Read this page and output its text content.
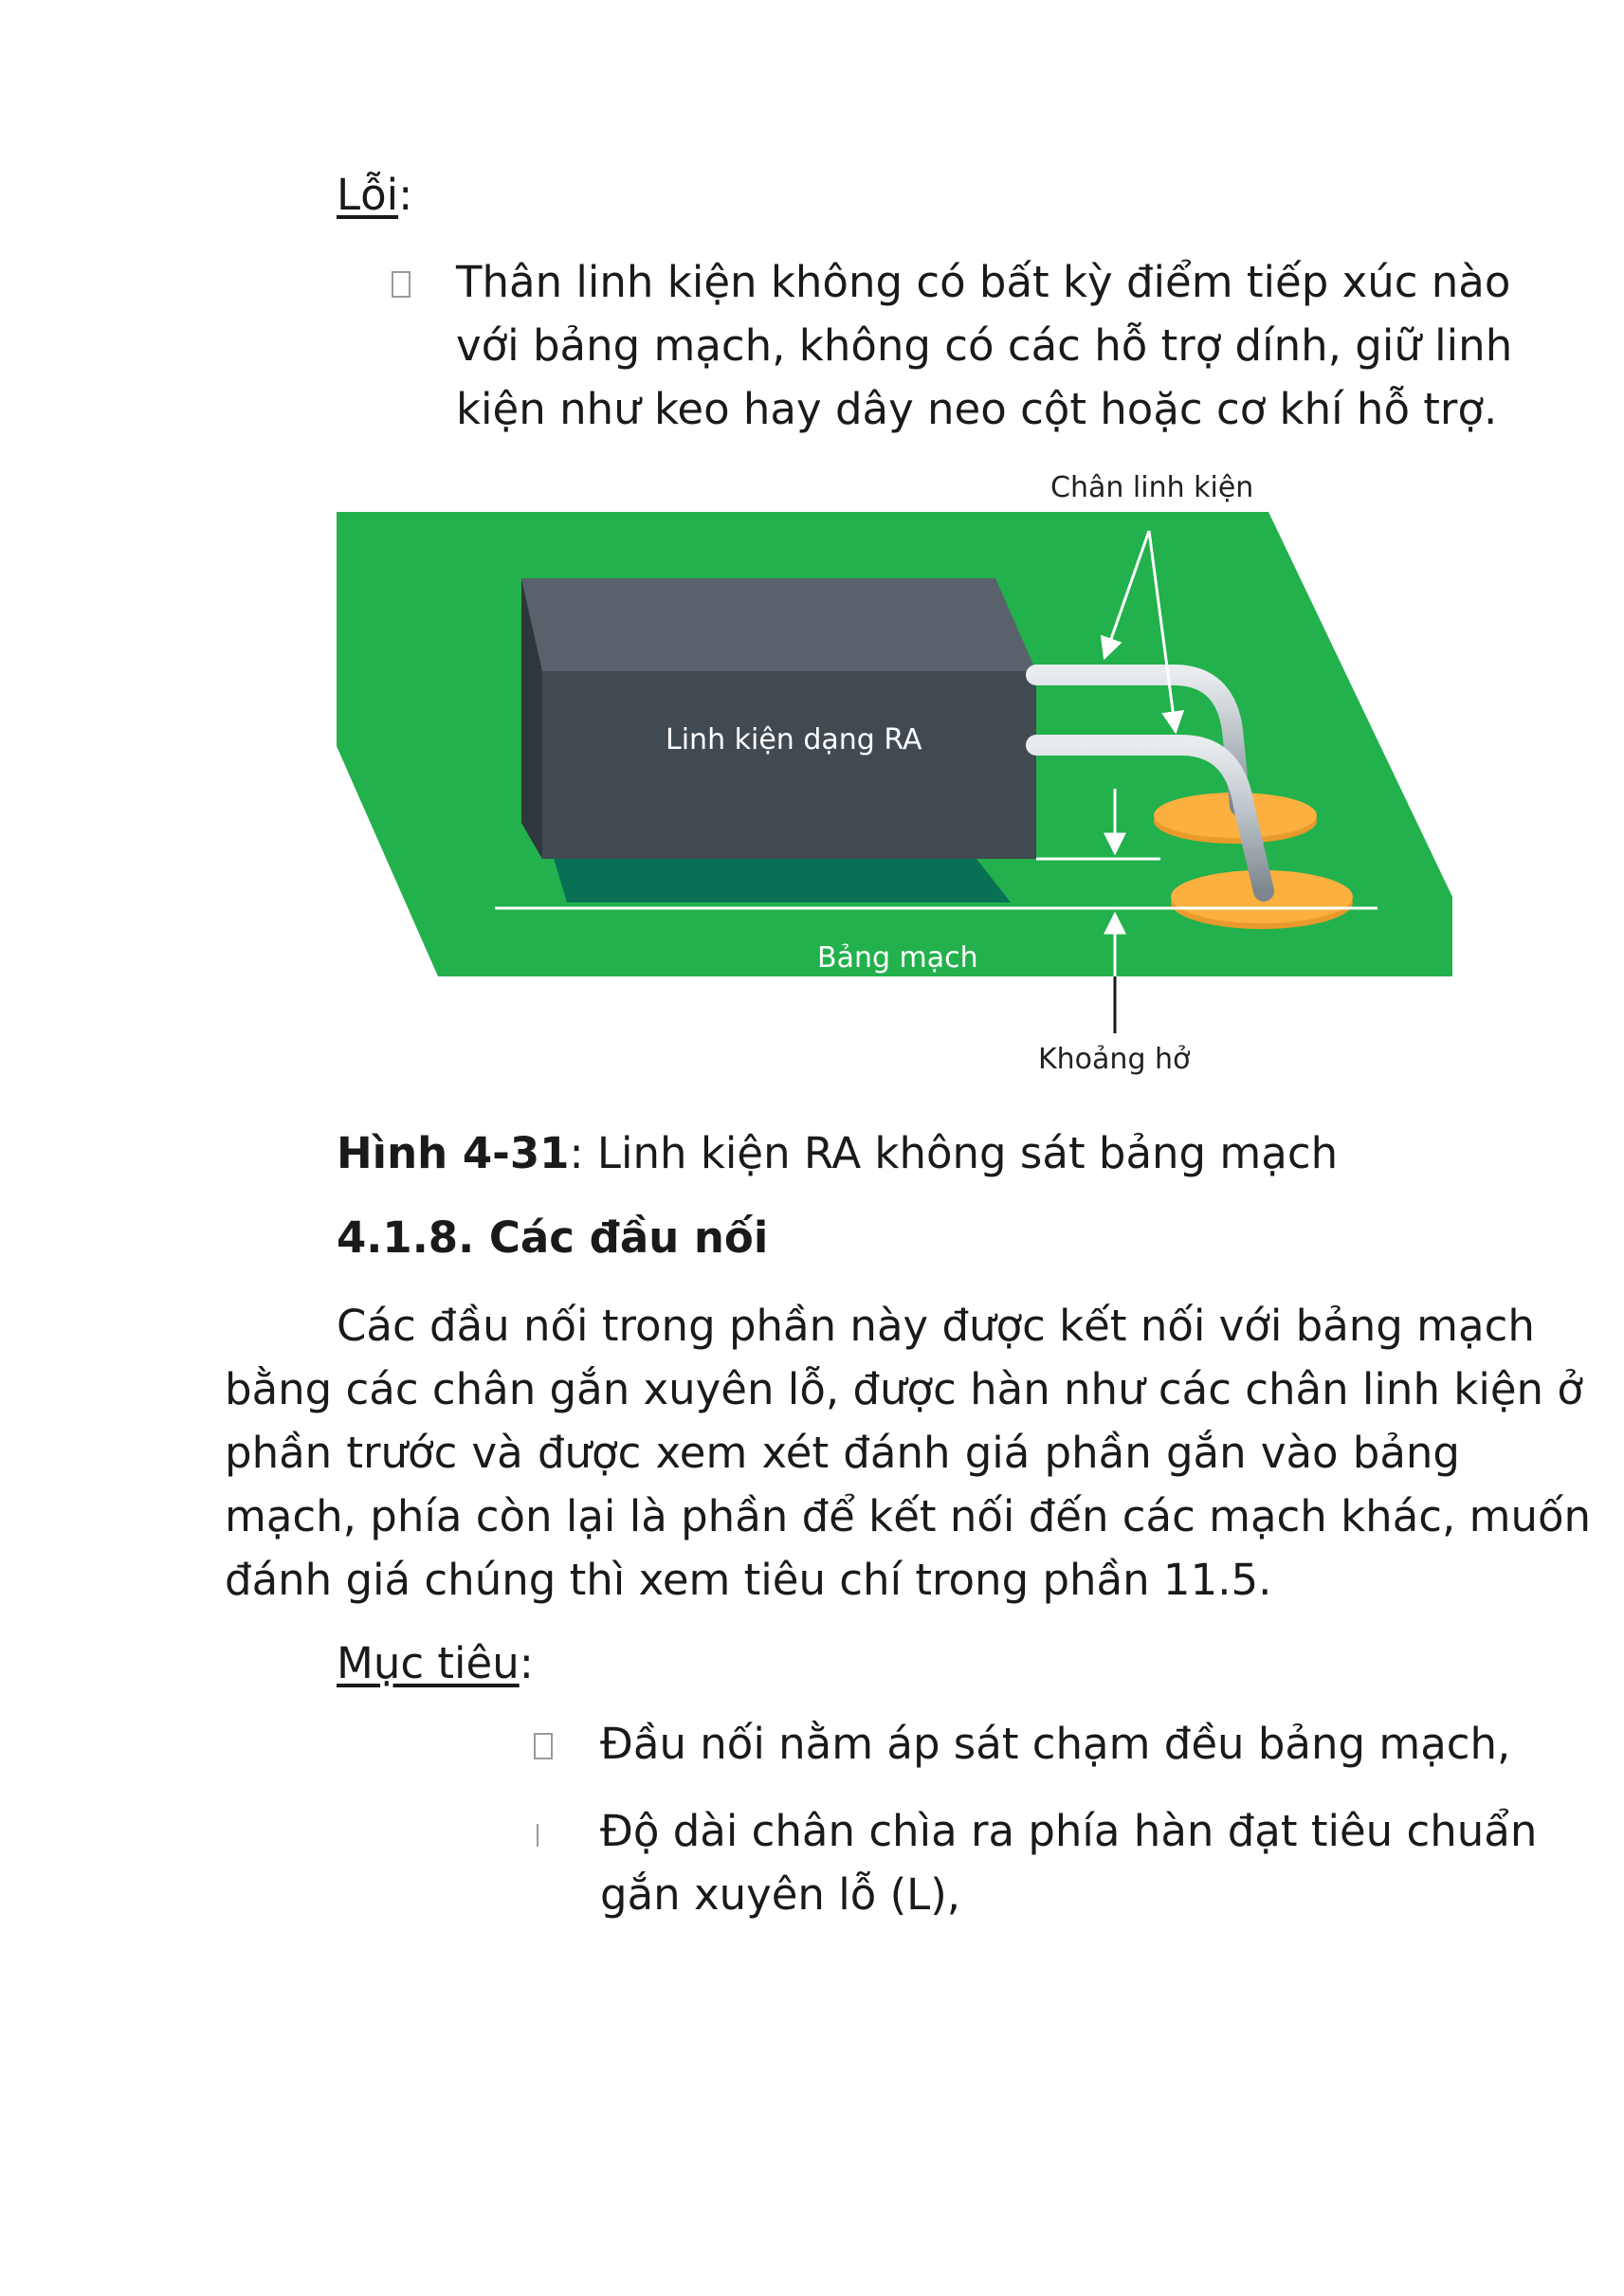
Lỗi:
Thân linh kiện không có bất kỳ điểm tiếp xúc nào
với bảng mạch, không có các hỗ trợ dính, giữ linh
kiện như keo hay dây neo cột hoặc cơ khí hỗ trợ.
Chân linh kiện
Linh kiện dạng RA
Bảng mạch
Khoảng hở
Hình 4-31: Linh kiện RA không sát bảng mạch
4.1.8. Các đầu nối
Các đầu nối trong phần này được kết nối với bảng mạch
bằng các chân gắn xuyên lỗ, được hàn như các chân linh kiện ở
phần trước và được xem xét đánh giá phần gắn vào bảng
mạch, phía còn lại là phần để kết nối đến các mạch khác, muốn
đánh giá chúng thì xem tiêu chí trong phần 11.5.
Mục tiêu:
Đầu nối nằm áp sát chạm đều bảng mạch,
Độ dài chân chìa ra phía hàn đạt tiêu chuẩn
gắn xuyên lỗ (L),
